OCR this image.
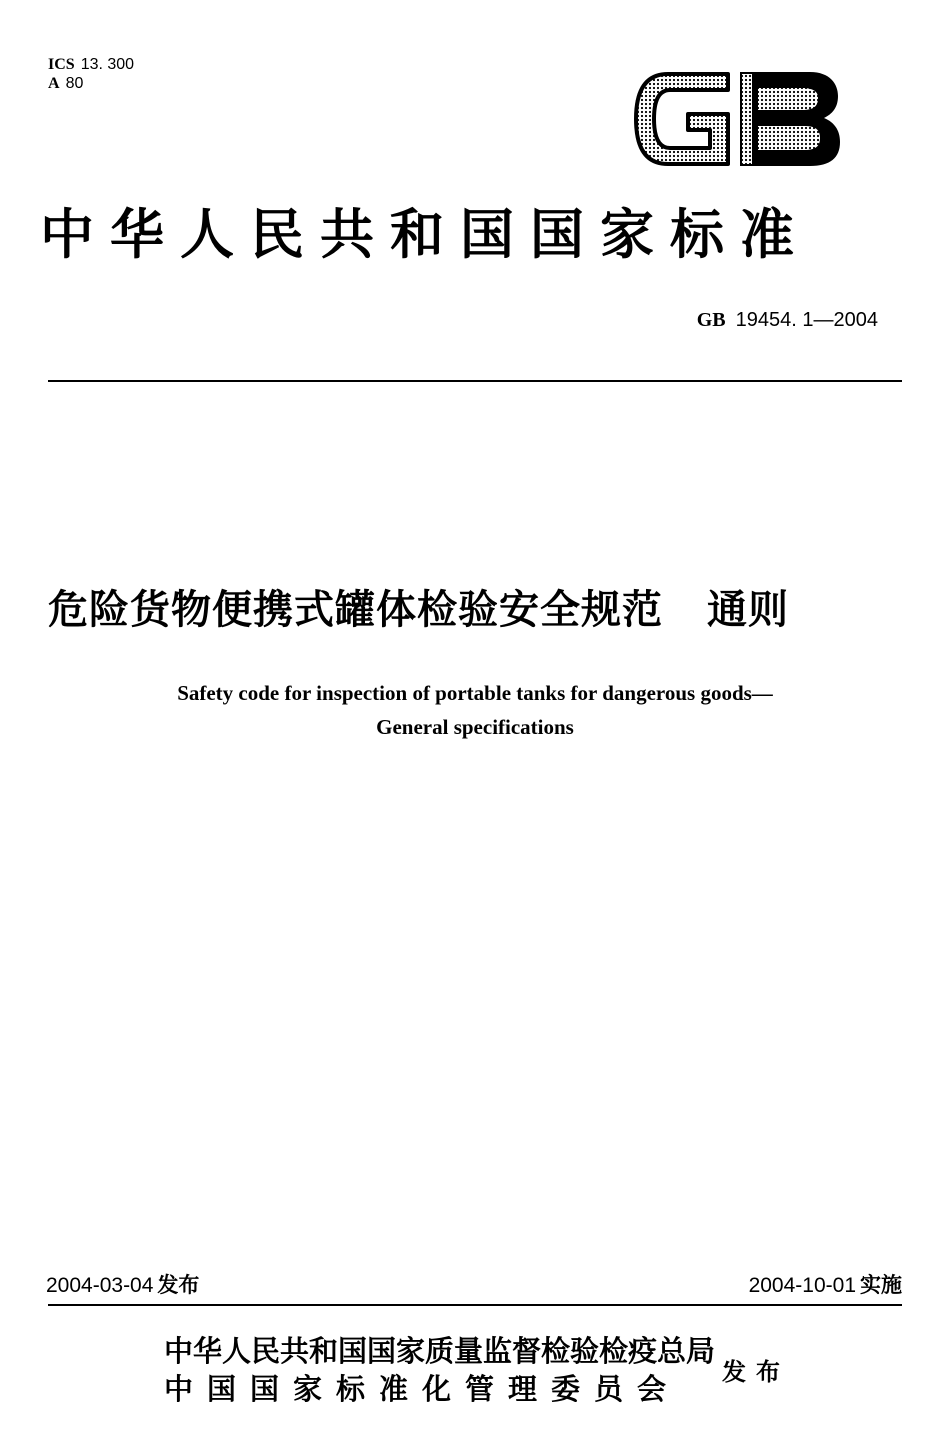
ICS 13. 300
A 80
中华人民共和国国家标准
GB 19454. 1—2004
危险货物便携式罐体检验安全规范 通则
Safety code for inspection of portable tanks for dangerous goods—
General specifications
2004-03-04 发布	2004-10-01 实施
中华人民共和国国家质量监督检验检疫总局
中国国家标准化管理委员会	发布
